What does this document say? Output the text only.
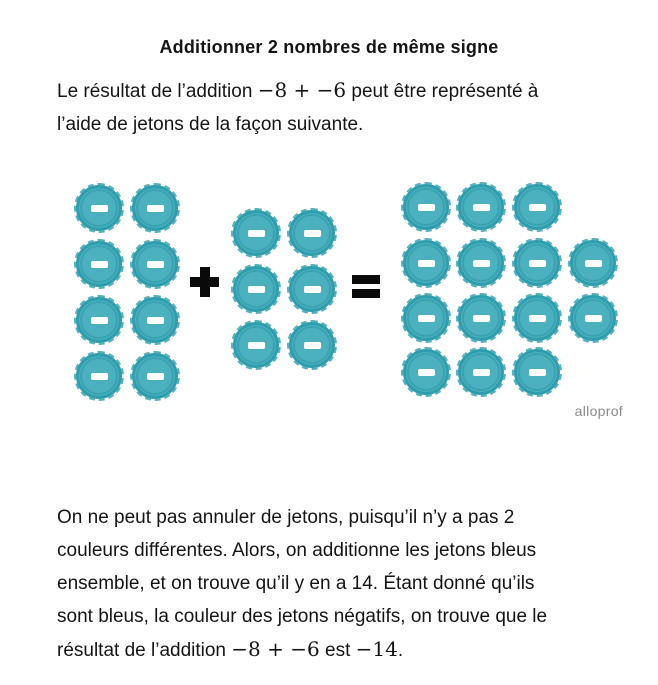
Additionner 2 nombres de même signe
Le résultat de l’addition −8 + −6 peut être représenté à
l’aide de jetons de la façon suivante.
alloprof
On ne peut pas annuler de jetons, puisqu’il n’y a pas 2
couleurs différentes. Alors, on additionne les jetons bleus
ensemble, et on trouve qu’il y en a 14. Étant donné qu’ils
sont bleus, la couleur des jetons négatifs, on trouve que le
résultat de l’addition −8 + −6 est −14.
